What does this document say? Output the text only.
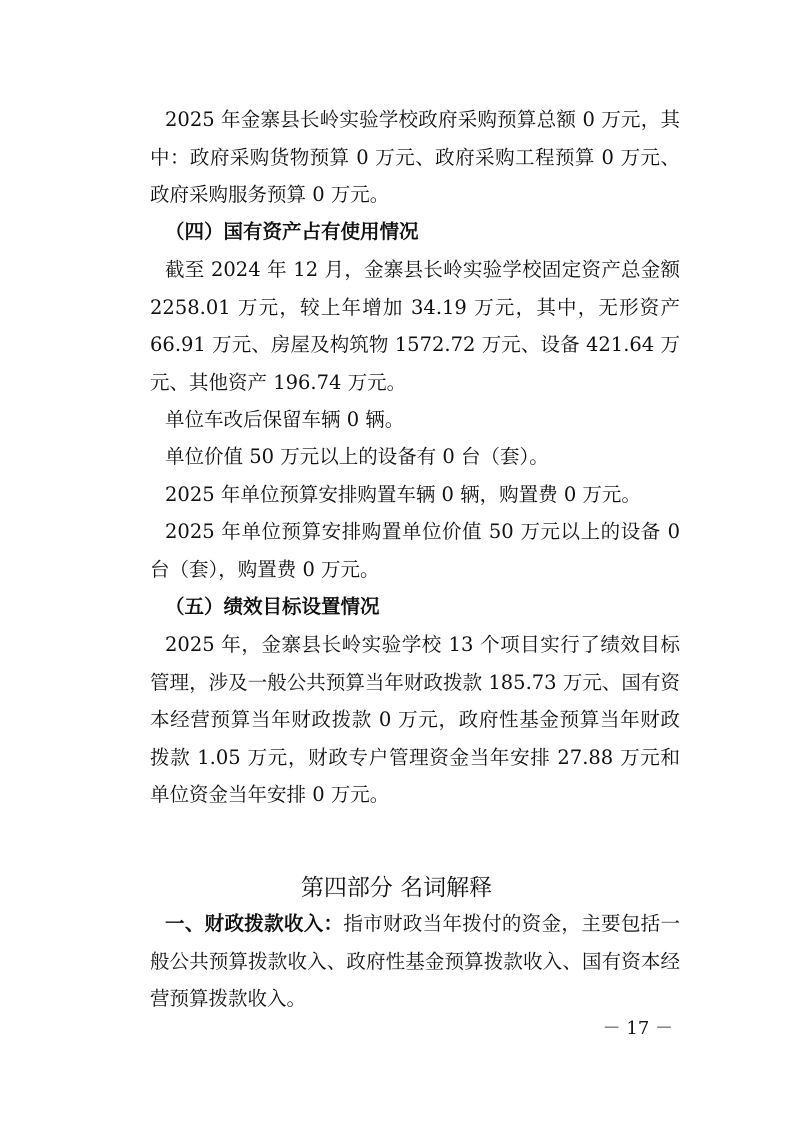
2025 年金寨县长岭实验学校政府采购预算总额 0 万元，其中：政府采购货物预算 0 万元、政府采购工程预算 0 万元、政府采购服务预算 0 万元。

（四）国有资产占有使用情况

截至 2024 年 12 月，金寨县长岭实验学校固定资产总金额 2258.01 万元，较上年增加 34.19 万元，其中，无形资产 66.91 万元、房屋及构筑物 1572.72 万元、设备 421.64 万元、其他资产 196.74 万元。

单位车改后保留车辆 0 辆。

单位价值 50 万元以上的设备有 0 台（套）。

2025 年单位预算安排购置车辆 0 辆，购置费 0 万元。

2025 年单位预算安排购置单位价值 50 万元以上的设备 0 台（套），购置费 0 万元。

（五）绩效目标设置情况

2025 年，金寨县长岭实验学校 13 个项目实行了绩效目标管理，涉及一般公共预算当年财政拨款 185.73 万元、国有资本经营预算当年财政拨款 0 万元，政府性基金预算当年财政拨款 1.05 万元，财政专户管理资金当年安排 27.88 万元和单位资金当年安排 0 万元。

第四部分 名词解释

一、财政拨款收入：指市财政当年拨付的资金，主要包括一般公共预算拨款收入、政府性基金预算拨款收入、国有资本经营预算拨款收入。

－ 17 －
